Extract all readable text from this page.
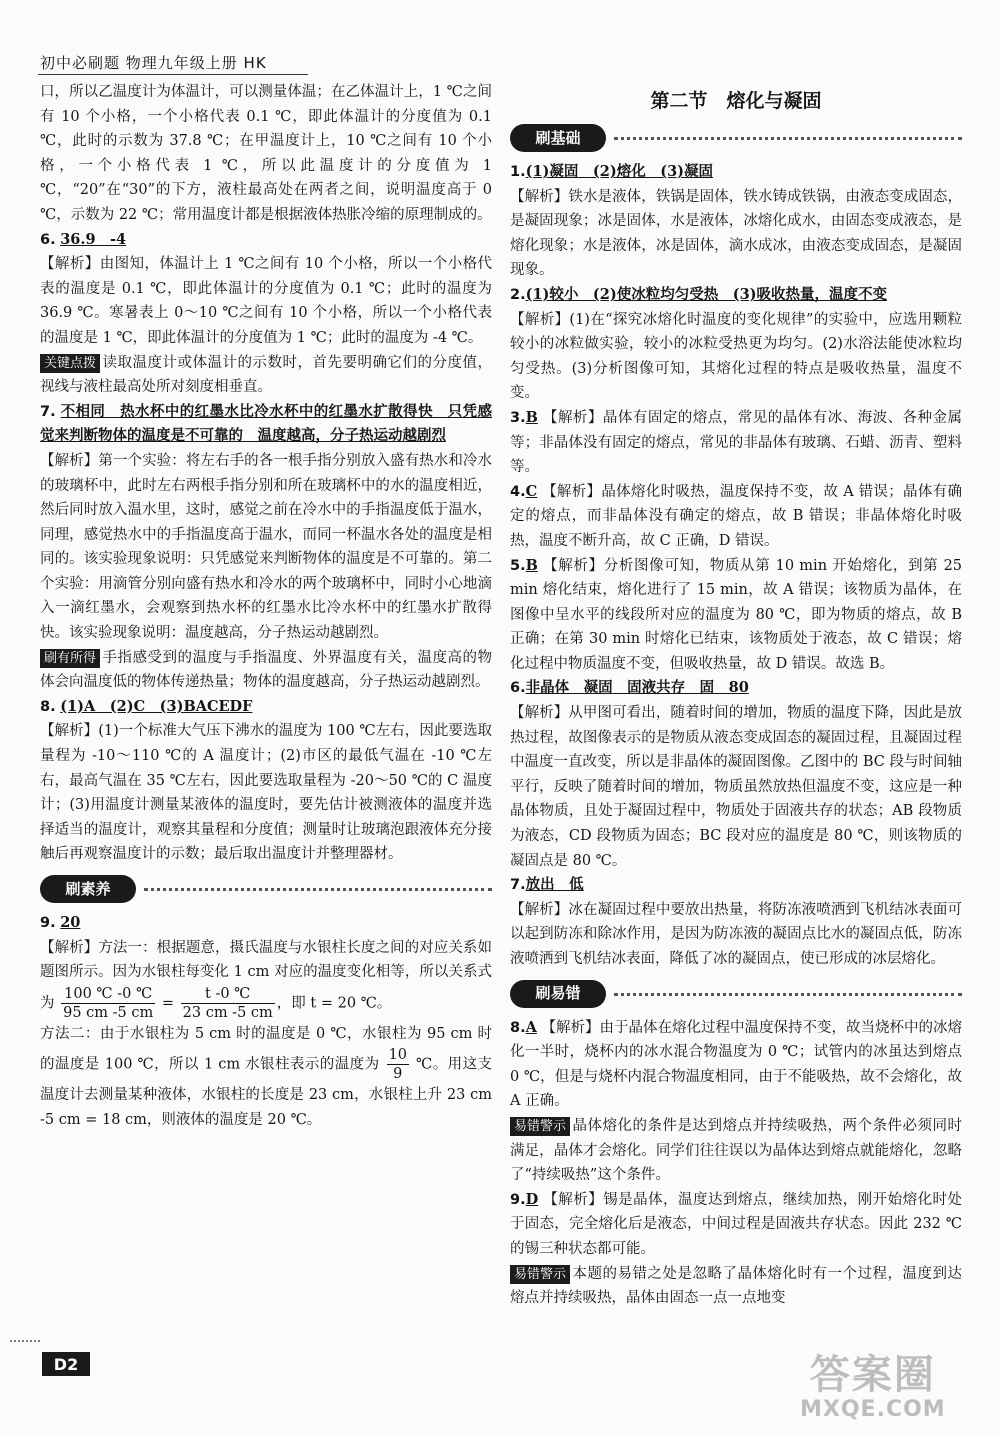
初中必刷题 物理九年级上册 HK

口，所以乙温度计为体温计，可以测量体温；在乙体温计上，1 ℃之间有 10 个小格，一个小格代表 0.1 ℃，即此体温计的分度值为 0.1 ℃，此时的示数为 37.8 ℃；在甲温度计上，10 ℃之间有 10 个小格，一个小格代表 1 ℃，所以此温度计的分度值为 1 ℃，“20”在“30”的下方，液柱最高处在两者之间，说明温度高于 0 ℃，示数为 22 ℃；常用温度计都是根据液体热胀冷缩的原理制成的。

6. 36.9　-4

【解析】由图知，体温计上 1 ℃之间有 10 个小格，所以一个小格代表的温度是 0.1 ℃，即此体温计的分度值为 0.1 ℃；此时的温度为 36.9 ℃。寒暑表上 0～10 ℃之间有 10 个小格，所以一个小格代表的温度是 1 ℃，即此体温计的分度值为 1 ℃；此时的温度为 -4 ℃。

关键点拨 读取温度计或体温计的示数时，首先要明确它们的分度值，视线与液柱最高处所对刻度相垂直。

7. 不相同　热水杯中的红墨水比冷水杯中的红墨水扩散得快　只凭感觉来判断物体的温度是不可靠的　温度越高，分子热运动越剧烈

【解析】第一个实验：将左右手的各一根手指分别放入盛有热水和冷水的玻璃杯中，此时左右两根手指分别和所在玻璃杯中的水的温度相近，然后同时放入温水里，这时，感觉之前在冷水中的手指温度低于温水，同理，感觉热水中的手指温度高于温水，而同一杯温水各处的温度是相同的。该实验现象说明：只凭感觉来判断物体的温度是不可靠的。第二个实验：用滴管分别向盛有热水和冷水的两个玻璃杯中，同时小心地滴入一滴红墨水，会观察到热水杯的红墨水比冷水杯中的红墨水扩散得快。该实验现象说明：温度越高，分子热运动越剧烈。

刷有所得 手指感受到的温度与手指温度、外界温度有关，温度高的物体会向温度低的物体传递热量；物体的温度越高，分子热运动越剧烈。

8. (1)A　(2)C　(3)BACEDF

【解析】(1)一个标准大气压下沸水的温度为 100 ℃左右，因此要选取量程为 -10～110 ℃的 A 温度计；(2)市区的最低气温在 -10 ℃左右，最高气温在 35 ℃左右，因此要选取量程为 -20～50 ℃的 C 温度计；(3)用温度计测量某液体的温度时，要先估计被测液体的温度并选择适当的温度计，观察其量程和分度值；测量时让玻璃泡跟液体充分接触后再观察温度计的示数；最后取出温度计并整理器材。

刷素养

9. 20

【解析】方法一：根据题意，摄氏温度与水银柱长度之间的对应关系如题图所示。因为水银柱每变化 1 cm 对应的温度变化相等，所以关系式为 $\frac{100 ℃ -0 ℃}{95 cm -5 cm} = \frac{t -0 ℃}{23 cm -5 cm}$ ，即 t = 20 ℃。

方法二：由于水银柱为 5 cm 时的温度是 0 ℃，水银柱为 95 cm 时的温度是 100 ℃，所以 1 cm 水银柱表示的温度为 $\frac{10}{9}$ ℃。用这支温度计去测量某种液体，水银柱的长度是 23 cm，水银柱上升 23 cm -5 cm = 18 cm，则液体的温度是 20 ℃。

第二节　熔化与凝固
刷基础

1.(1)凝固　(2)熔化　(3)凝固

【解析】铁水是液体，铁锅是固体，铁水铸成铁锅，由液态变成固态，是凝固现象；冰是固体，水是液体，冰熔化成水，由固态变成液态，是熔化现象；水是液体，冰是固体，滴水成冰，由液态变成固态，是凝固现象。

2.(1)较小　(2)使冰粒均匀受热　(3)吸收热量，温度不变

【解析】(1)在“探究冰熔化时温度的变化规律”的实验中，应选用颗粒较小的冰粒做实验，较小的冰粒受热更为均匀。(2)水浴法能使冰粒均匀受热。(3)分析图像可知，其熔化过程的特点是吸收热量，温度不变。

3.B 【解析】晶体有固定的熔点，常见的晶体有冰、海波、各种金属等；非晶体没有固定的熔点，常见的非晶体有玻璃、石蜡、沥青、塑料等。

4.C 【解析】晶体熔化时吸热，温度保持不变，故 A 错误；晶体有确定的熔点，而非晶体没有确定的熔点，故 B 错误；非晶体熔化时吸热，温度不断升高，故 C 正确，D 错误。

5.B 【解析】分析图像可知，物质从第 10 min 开始熔化，到第 25 min 熔化结束，熔化进行了 15 min，故 A 错误；该物质为晶体，在图像中呈水平的线段所对应的温度为 80 ℃，即为物质的熔点，故 B 正确；在第 30 min 时熔化已结束，该物质处于液态，故 C 错误；熔化过程中物质温度不变，但吸收热量，故 D 错误。故选 B。

6.非晶体　凝固　固液共存　固　80

【解析】从甲图可看出，随着时间的增加，物质的温度下降，因此是放热过程，故图像表示的是物质从液态变成固态的凝固过程，且凝固过程中温度一直改变，所以是非晶体的凝固图像。乙图中的 BC 段与时间轴平行，反映了随着时间的增加，物质虽然放热但温度不变，这应是一种晶体物质，且处于凝固过程中，物质处于固液共存的状态；AB 段物质为液态，CD 段物质为固态；BC 段对应的温度是 80 ℃，则该物质的凝固点是 80 ℃。

7.放出　低

【解析】冰在凝固过程中要放出热量，将防冻液喷洒到飞机结冰表面可以起到防冻和除冰作用，是因为防冻液的凝固点比水的凝固点低，防冻液喷洒到飞机结冰表面，降低了冰的凝固点，使已形成的冰层熔化。

刷易错

8.A 【解析】由于晶体在熔化过程中温度保持不变，故当烧杯中的冰熔化一半时，烧杯内的冰水混合物温度为 0 ℃；试管内的冰虽达到熔点 0 ℃，但是与烧杯内混合物温度相同，由于不能吸热，故不会熔化，故 A 正确。

易错警示 晶体熔化的条件是达到熔点并持续吸热，两个条件必须同时满足，晶体才会熔化。同学们往往误以为晶体达到熔点就能熔化，忽略了“持续吸热”这个条件。

9.D 【解析】锡是晶体，温度达到熔点，继续加热，刚开始熔化时处于固态，完全熔化后是液态，中间过程是固液共存状态。因此 232 ℃的锡三种状态都可能。

易错警示 本题的易错之处是忽略了晶体熔化时有一个过程，温度到达熔点并持续吸热，晶体由固态一点一点地变

D2	答案圈
MXQE.COM
